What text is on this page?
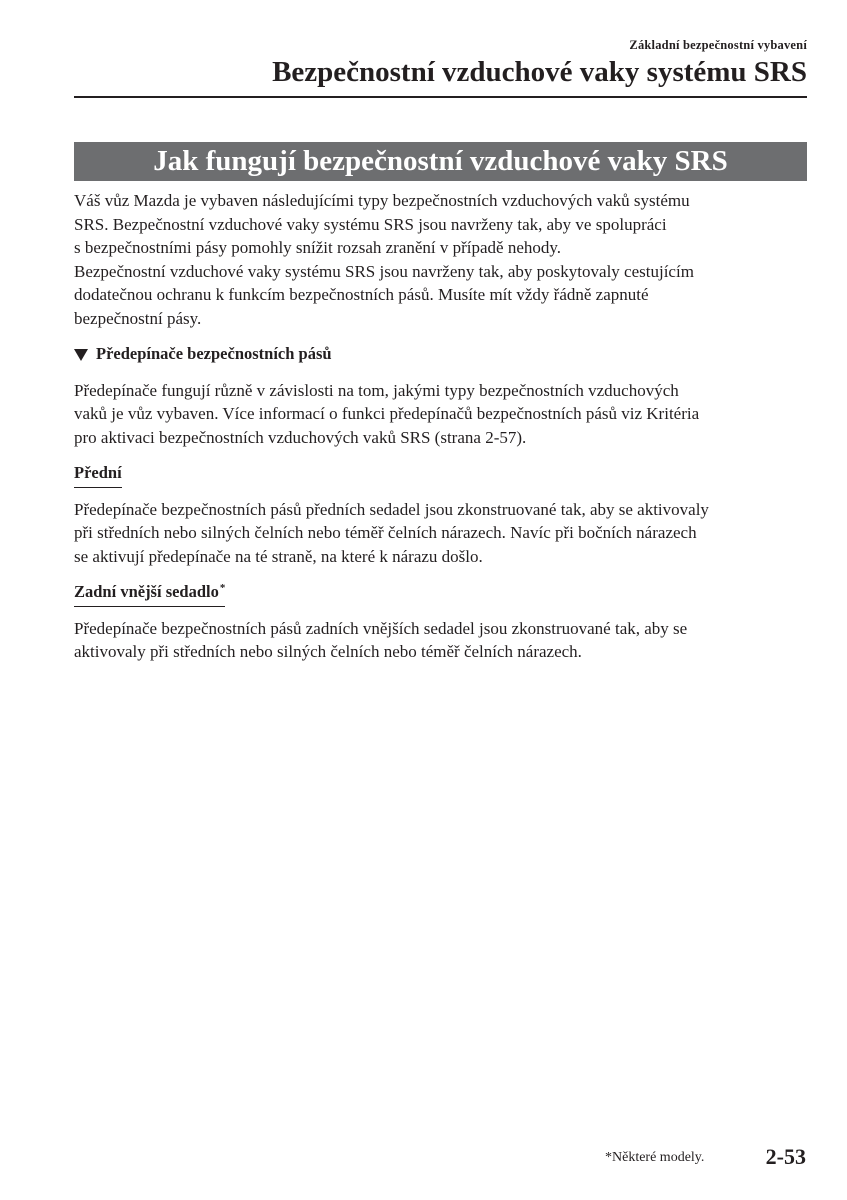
Základní bezpečnostní vybavení
Bezpečnostní vzduchové vaky systému SRS
Jak fungují bezpečnostní vzduchové vaky SRS

Váš vůz Mazda je vybaven následujícími typy bezpečnostních vzduchových vaků systému

SRS. Bezpečnostní vzduchové vaky systému SRS jsou navrženy tak, aby ve spolupráci

s bezpečnostními pásy pomohly snížit rozsah zranění v případě nehody.

Bezpečnostní vzduchové vaky systému SRS jsou navrženy tak, aby poskytovaly cestujícím

dodatečnou ochranu k funkcím bezpečnostních pásů. Musíte mít vždy řádně zapnuté

bezpečnostní pásy.

Předepínače bezpečnostních pásů

Předepínače fungují různě v závislosti na tom, jakými typy bezpečnostních vzduchových

vaků je vůz vybaven. Více informací o funkci předepínačů bezpečnostních pásů viz Kritéria

pro aktivaci bezpečnostních vzduchových vaků SRS (strana 2-57).

Přední

Předepínače bezpečnostních pásů předních sedadel jsou zkonstruované tak, aby se aktivovaly

při středních nebo silných čelních nebo téměř čelních nárazech. Navíc při bočních nárazech

se aktivují předepínače na té straně, na které k nárazu došlo.

Zadní vnější sedadlo*

Předepínače bezpečnostních pásů zadních vnějších sedadel jsou zkonstruované tak, aby se

aktivovaly při středních nebo silných čelních nebo téměř čelních nárazech.

*Některé modely.	2-53
